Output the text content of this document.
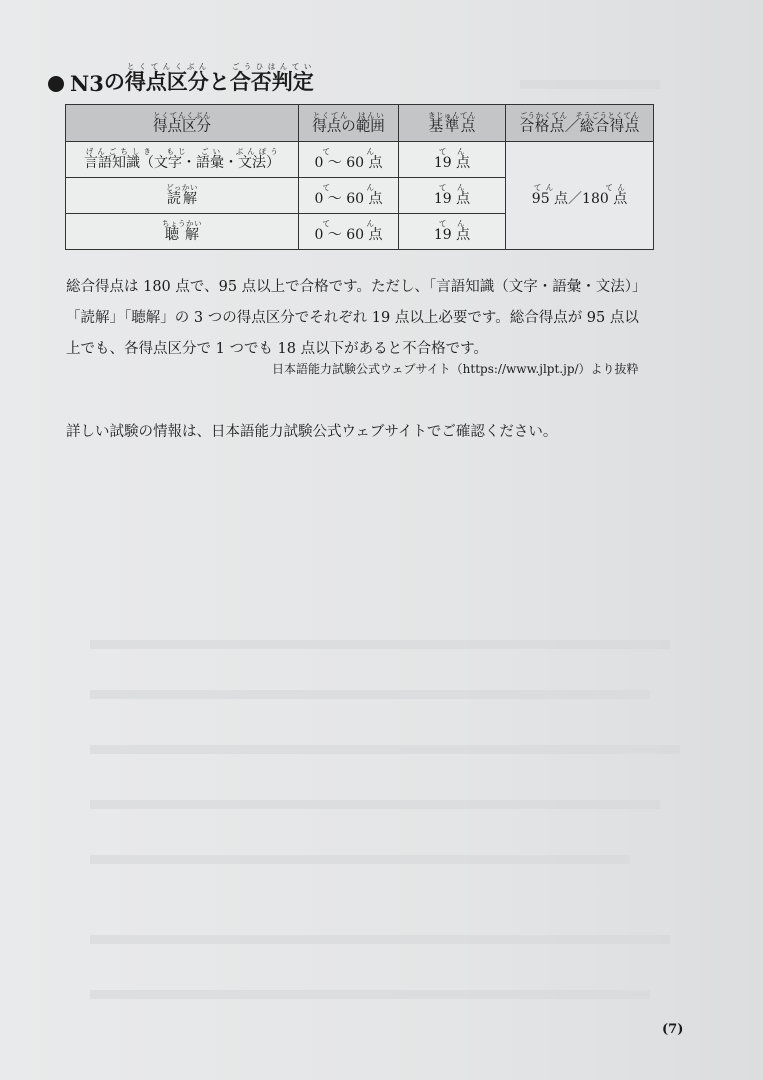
N3 の 得点区分とくてんくぶん
と 合否判定ごうひはんてい
得点区分とくてんくぶん	得点の範囲とくてん　はんい	基準点きじゅんてん	合格点／総合得点ごうかくてん　そうごうとくてん
言語知識（文字・語彙・文法）げんごちしき　もじ　ごい　ぶんぽう	0 ～ 60 点てん	19 点てん	95 点／180 点てん　　　　てん
読解どっかい	0 ～ 60 点てん	19 点てん	
聴解ちょうかい	0 ～ 60 点てん	19 点てん	

総合得点は 180 点で、95 点以上で合格です。ただし、「言語知識（文字・語彙・文法）」

「読解」「聴解」の 3 つの得点区分でそれぞれ 19 点以上必要です。総合得点が 95 点以

上でも、各得点区分で 1 つでも 18 点以下があると不合格です。

日本語能力試験公式ウェブサイト（https://www.jlpt.jp/）より抜粋
詳しい試験の情報は、日本語能力試験公式ウェブサイトでご確認ください。
(7)
